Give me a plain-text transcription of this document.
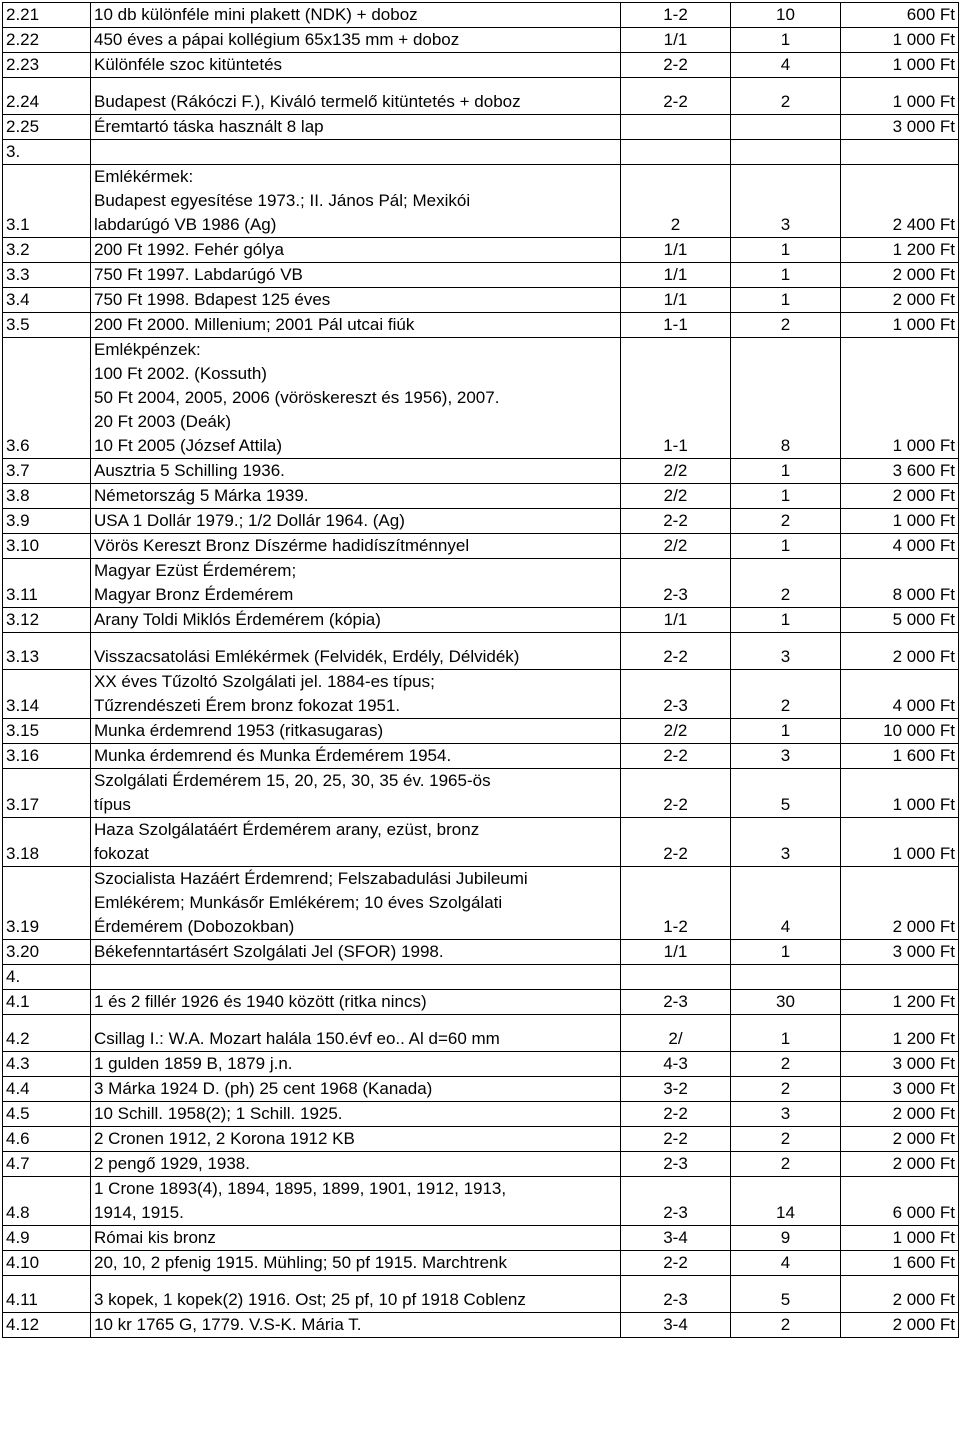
2.21	10 db különféle mini plakett (NDK) + doboz	1-2	10	600 Ft
2.22	450 éves a pápai kollégium 65x135 mm + doboz	1/1	1	1 000 Ft
2.23	Különféle szoc kitüntetés	2-2	4	1 000 Ft
2.24	Budapest (Rákóczi F.), Kiváló termelő kitüntetés + doboz	2-2	2	1 000 Ft
2.25	Éremtartó táska használt 8 lap			3 000 Ft
3.	

3.1	Emlékérmek:
Budapest egyesítése 1973.; II. János Pál; Mexikói
labdarúgó VB 1986 (Ag)	2	3	2 400 Ft
3.2	200 Ft 1992. Fehér gólya	1/1	1	1 200 Ft
3.3	750 Ft 1997. Labdarúgó VB	1/1	1	2 000 Ft
3.4	750 Ft 1998. Bdapest 125 éves	1/1	1	2 000 Ft
3.5	200 Ft 2000. Millenium; 2001 Pál utcai fiúk	1-1	2	1 000 Ft
3.6	Emlékpénzek:
100 Ft 2002. (Kossuth)
50 Ft 2004, 2005, 2006 (vöröskereszt és 1956), 2007.
20 Ft 2003 (Deák)
10 Ft 2005 (József Attila)	1-1	8	1 000 Ft
3.7	Ausztria 5 Schilling 1936.	2/2	1	3 600 Ft
3.8	Németország 5 Márka 1939.	2/2	1	2 000 Ft
3.9	USA 1 Dollár 1979.; 1/2 Dollár 1964. (Ag)	2-2	2	1 000 Ft
3.10	Vörös Kereszt Bronz Díszérme hadidíszítménnyel	2/2	1	4 000 Ft
3.11	Magyar Ezüst Érdemérem;
Magyar Bronz Érdemérem	2-3	2	8 000 Ft
3.12	Arany Toldi Miklós Érdemérem (kópia)	1/1	1	5 000 Ft
3.13	Visszacsatolási Emlékérmek (Felvidék, Erdély, Délvidék)	2-2	3	2 000 Ft
3.14	XX éves Tűzoltó Szolgálati jel. 1884-es típus;
Tűzrendészeti Érem bronz fokozat 1951.	2-3	2	4 000 Ft
3.15	Munka érdemrend 1953 (ritkasugaras)	2/2	1	10 000 Ft
3.16	Munka érdemrend és Munka Érdemérem 1954.	2-2	3	1 600 Ft
3.17	Szolgálati Érdemérem 15, 20, 25, 30, 35 év. 1965-ös
típus	2-2	5	1 000 Ft
3.18	Haza Szolgálatáért Érdemérem arany, ezüst, bronz
fokozat	2-2	3	1 000 Ft
3.19	Szocialista Hazáért Érdemrend; Felszabadulási Jubileumi
Emlékérem; Munkásőr Emlékérem; 10 éves Szolgálati
Érdemérem (Dobozokban)	1-2	4	2 000 Ft
3.20	Békefenntartásért Szolgálati Jel (SFOR) 1998.	1/1	1	3 000 Ft
4.	

4.1	1 és 2 fillér 1926 és 1940 között (ritka nincs)	2-3	30	1 200 Ft
4.2	Csillag I.: W.A. Mozart halála 150.évf eo.. Al d=60 mm	2/	1	1 200 Ft
4.3	1 gulden 1859 B, 1879 j.n.	4-3	2	3 000 Ft
4.4	3 Márka 1924 D. (ph) 25 cent 1968 (Kanada)	3-2	2	3 000 Ft
4.5	10 Schill. 1958(2); 1 Schill. 1925.	2-2	3	2 000 Ft
4.6	2 Cronen 1912, 2 Korona 1912 KB	2-2	2	2 000 Ft
4.7	2 pengő 1929, 1938.	2-3	2	2 000 Ft
4.8	1 Crone 1893(4), 1894, 1895, 1899, 1901, 1912, 1913,
1914, 1915.	2-3	14	6 000 Ft
4.9	Római kis bronz	3-4	9	1 000 Ft
4.10	20, 10, 2 pfenig 1915. Mühling; 50 pf 1915. Marchtrenk	2-2	4	1 600 Ft
4.11	3 kopek, 1 kopek(2) 1916. Ost; 25 pf, 10 pf 1918 Coblenz	2-3	5	2 000 Ft
4.12	10 kr 1765 G, 1779. V.S-K. Mária T.	3-4	2	2 000 Ft
